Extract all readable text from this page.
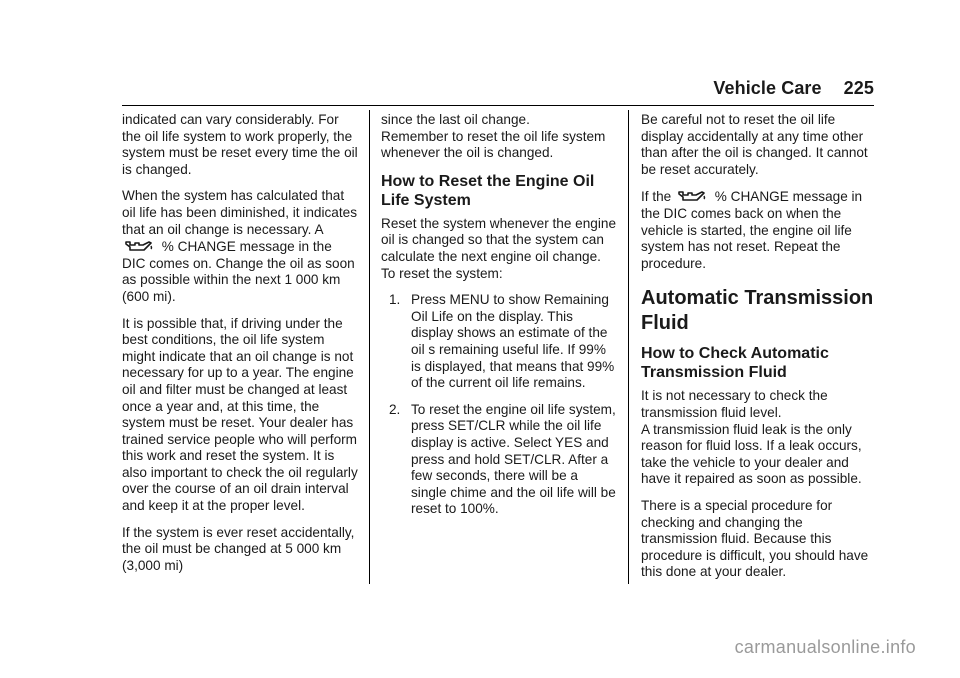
Vehicle Care 225

indicated can vary considerably. For the oil life system to work properly, the system must be reset every time the oil is changed.

When the system has calculated that oil life has been diminished, it indicates that an oil change is necessary. A  % CHANGE message in the DIC comes on. Change the oil as soon as possible within the next 1 000 km (600 mi).

It is possible that, if driving under the best conditions, the oil life system might indicate that an oil change is not necessary for up to a year. The engine oil and filter must be changed at least once a year and, at this time, the system must be reset. Your dealer has trained service people who will perform this work and reset the system. It is also important to check the oil regularly over the course of an oil drain interval and keep it at the proper level.

If the system is ever reset accidentally, the oil must be changed at 5 000 km (3,000 mi)

since the last oil change.

Remember to reset the oil life system whenever the oil is changed.

How to Reset the Engine Oil Life System

Reset the system whenever the engine oil is changed so that the system can calculate the next engine oil change. To reset the system:

1. Press MENU to show Remaining Oil Life on the display. This display shows an estimate of the oil s remaining useful life. If 99% is displayed, that means that 99% of the current oil life remains.
2. To reset the engine oil life system, press SET/CLR while the oil life display is active. Select YES and press and hold SET/CLR. After a few seconds, there will be a single chime and the oil life will be reset to 100%.

Be careful not to reset the oil life display accidentally at any time other than after the oil is changed. It cannot be reset accurately.

If the	% CHANGE message in the DIC comes back on when the vehicle is started, the engine oil life system has not reset. Repeat the procedure.

Automatic Transmission Fluid
How to Check Automatic Transmission Fluid

It is not necessary to check the transmission fluid level.

A transmission fluid leak is the only reason for fluid loss. If a leak occurs, take the vehicle to your dealer and have it repaired as soon as possible.

There is a special procedure for checking and changing the transmission fluid. Because this procedure is difficult, you should have this done at your dealer.

carmanualsonline.info
